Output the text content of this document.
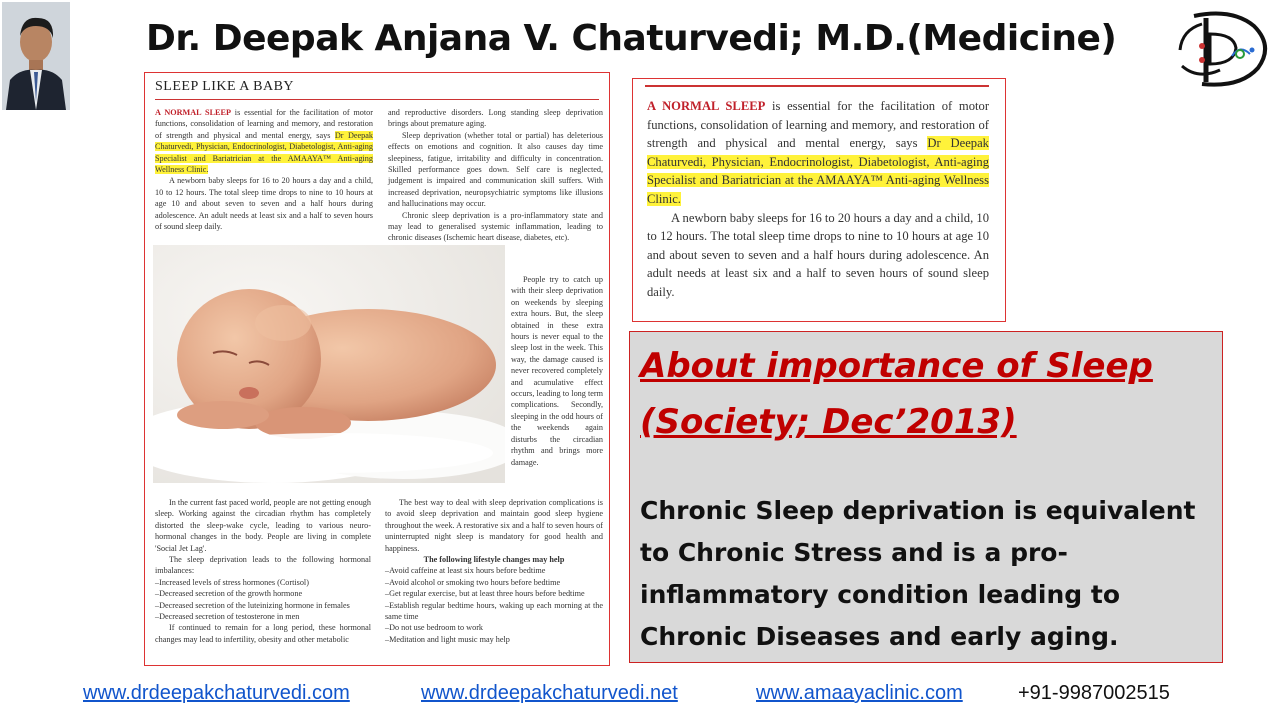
Dr. Deepak Anjana V. Chaturvedi; M.D.(Medicine)
SLEEP LIKE A BABY

A NORMAL SLEEP is essential for the facilitation of motor functions, consolidation of learning and memory, and restoration of strength and physical and mental energy, says Dr Deepak Chaturvedi, Physician, Endocrinologist, Diabetologist, Anti-aging Specialist and Bariatrician at the AMAAYA™ Anti-aging Wellness Clinic.

A newborn baby sleeps for 16 to 20 hours a day and a child, 10 to 12 hours. The total sleep time drops to nine to 10 hours at age 10 and about seven to seven and a half hours during adolescence. An adult needs at least six and a half to seven hours of sound sleep daily.

and reproductive disorders. Long standing sleep deprivation brings about premature aging.

Sleep deprivation (whether total or partial) has deleterious effects on emotions and cognition. It also causes day time sleepiness, fatigue, irritability and difficulty in concentration. Skilled performance goes down. Self care is neglected, judgement is impaired and communication skill suffers. With increased deprivation, neuropsychiatric symptoms like illusions and hallucinations may occur.

Chronic sleep deprivation is a pro-inflammatory state and may lead to generalised systemic inflammation, leading to chronic diseases (Ischemic heart disease, diabetes, etc).

People try to catch up with their sleep deprivation on weekends by sleeping extra hours. But, the sleep obtained in these extra hours is never equal to the sleep lost in the week. This way, the damage caused is never recovered completely and acumulative effect occurs, leading to long term complications. Secondly, sleeping in the odd hours of the weekends again disturbs the circadian rhythm and brings more damage.

In the current fast paced world, people are not getting enough sleep. Working against the circadian rhythm has completely distorted the sleep-wake cycle, leading to various neuro-hormonal changes in the body. People are living in complete 'Social Jet Lag'.

The sleep deprivation leads to the following hormonal imbalances:

–Increased levels of stress hormones (Cortisol)

–Decreased secretion of the growth hormone

–Decreased secretion of the luteinizing hormone in females

–Decreased secretion of testosterone in men

If continued to remain for a long period, these hormonal changes may lead to infertility, obesity and other metabolic

The best way to deal with sleep deprivation complications is to avoid sleep deprivation and maintain good sleep hygiene throughout the week. A restorative six and a half to seven hours of uninterrupted night sleep is mandatory for good health and happiness.

The following lifestyle changes may help

–Avoid caffeine at least six hours before bedtime

–Avoid alcohol or smoking two hours before bedtime

–Get regular exercise, but at least three hours before bedtime

–Establish regular bedtime hours, waking up each morning at the same time

–Do not use bedroom to work

–Meditation and light music may help

A NORMAL SLEEP is essential for the facilitation of motor functions, consolidation of learning and memory, and restoration of strength and physical and mental energy, says Dr Deepak Chaturvedi, Physician, Endocrinologist, Diabetologist, Anti-aging Specialist and Bariatrician at the AMAAYA™ Anti-aging Wellness Clinic.

A newborn baby sleeps for 16 to 20 hours a day and a child, 10 to 12 hours. The total sleep time drops to nine to 10 hours at age 10 and about seven to seven and a half hours during adolescence. An adult needs at least six and a half to seven hours of sound sleep daily.

About importance of Sleep (Society; Dec’2013)

Chronic Sleep deprivation is equivalent to Chronic Stress and is a pro-inflammatory condition leading to Chronic Diseases and early aging.

www.drdeepakchaturvedi.com	www.drdeepakchaturvedi.net	www.amaayaclinic.com	+91-9987002515
